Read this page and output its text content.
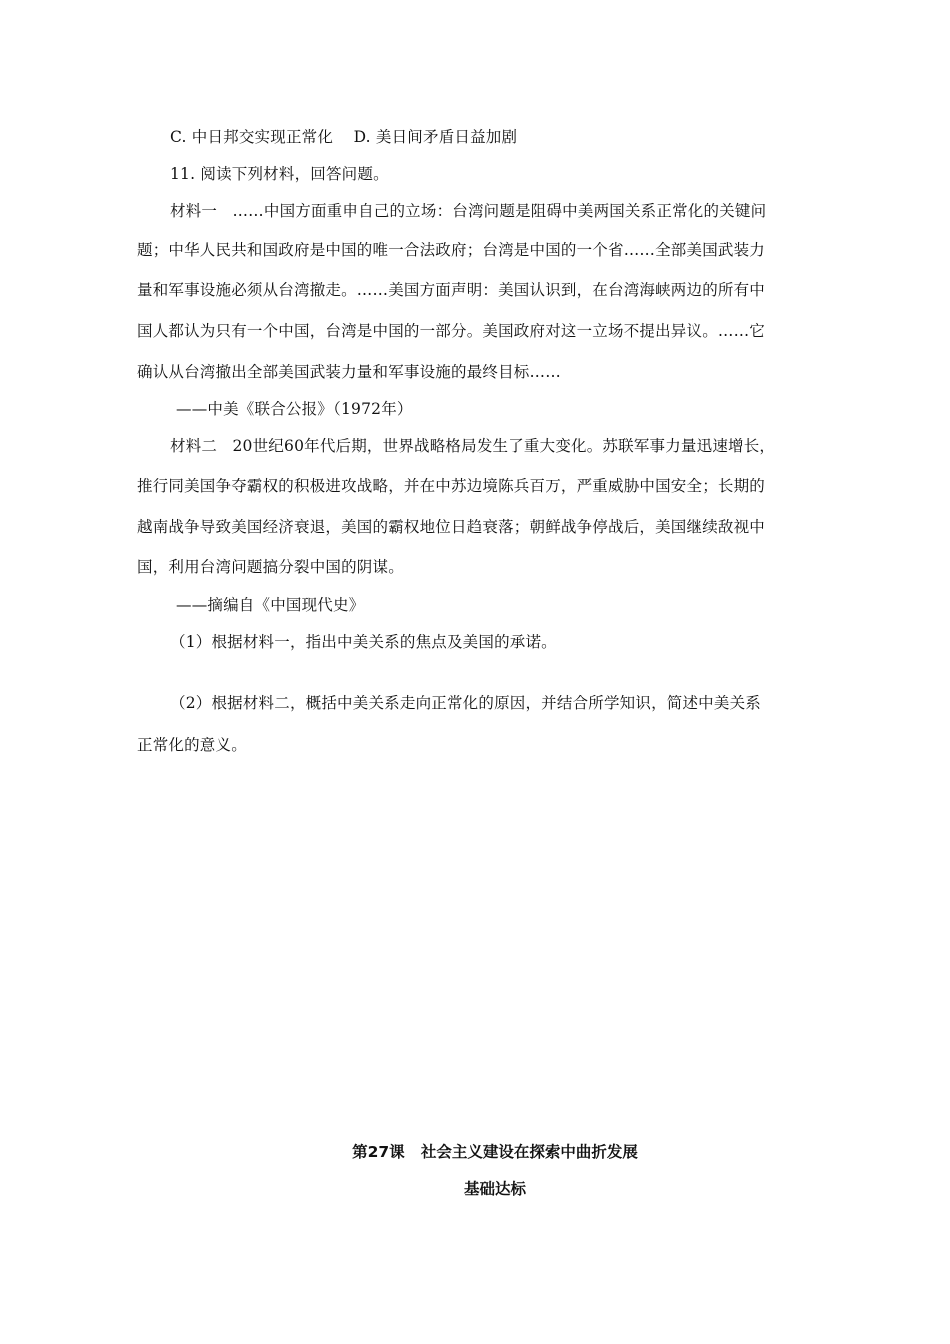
C. 中日邦交实现正常化    D. 美日间矛盾日益加剧
11. 阅读下列材料，回答问题。
材料一   ……中国方面重申自己的立场：台湾问题是阻碍中美两国关系正常化的关键问
题；中华人民共和国政府是中国的唯一合法政府；台湾是中国的一个省……全部美国武装力
量和军事设施必须从台湾撤走。……美国方面声明：美国认识到，在台湾海峡两边的所有中
国人都认为只有一个中国，台湾是中国的一部分。美国政府对这一立场不提出异议。……它
确认从台湾撤出全部美国武装力量和军事设施的最终目标……
——中美《联合公报》（1972年）
材料二   20世纪60年代后期，世界战略格局发生了重大变化。苏联军事力量迅速增长，
推行同美国争夺霸权的积极进攻战略，并在中苏边境陈兵百万，严重威胁中国安全；长期的
越南战争导致美国经济衰退，美国的霸权地位日趋衰落；朝鲜战争停战后，美国继续敌视中
国，利用台湾问题搞分裂中国的阴谋。
——摘编自《中国现代史》
（1）根据材料一，指出中美关系的焦点及美国的承诺。
（2）根据材料二，概括中美关系走向正常化的原因，并结合所学知识，简述中美关系
正常化的意义。
第27课   社会主义建设在探索中曲折发展
基础达标
